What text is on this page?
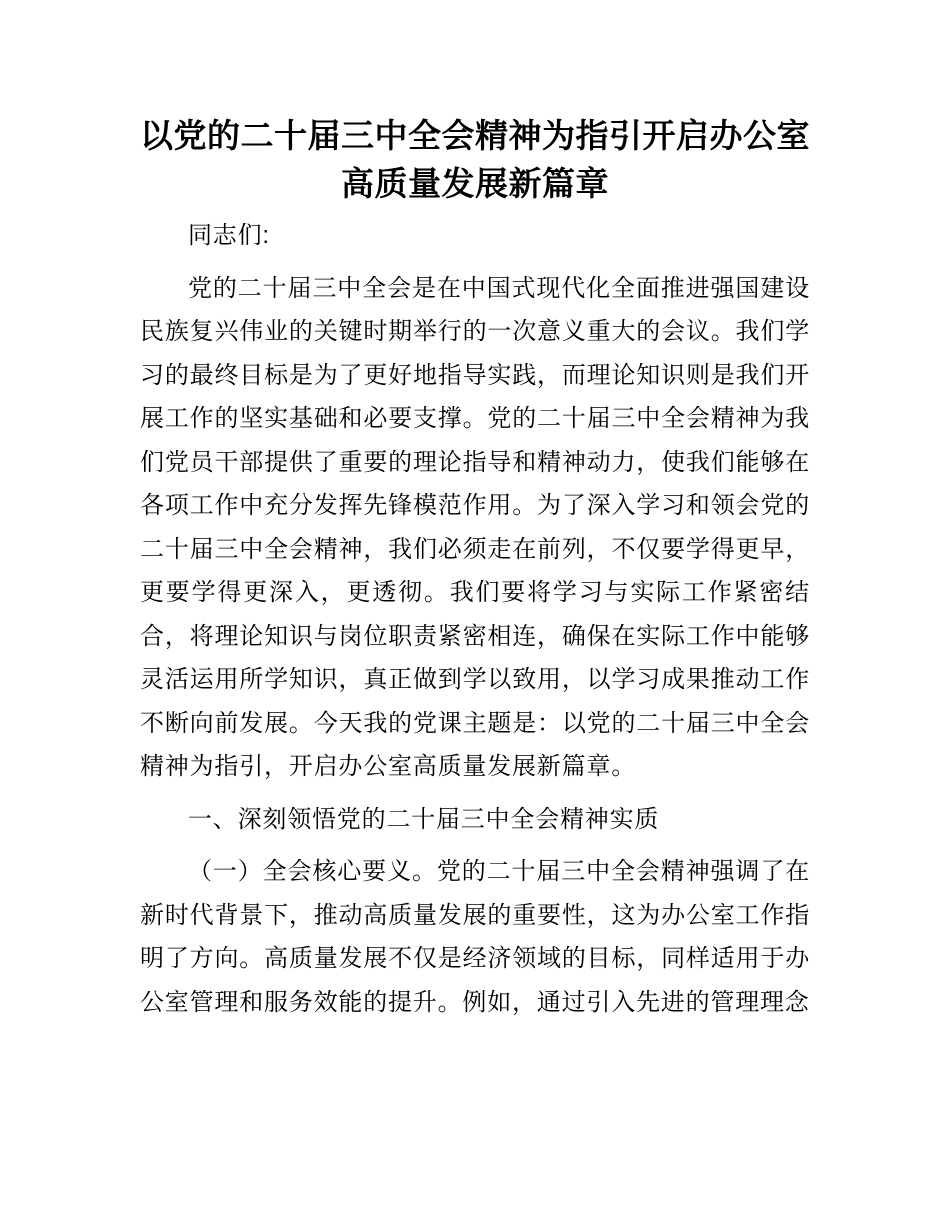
以党的二十届三中全会精神为指引开启办公室高质量发展新篇章

同志们:

党的二十届三中全会是在中国式现代化全面推进强国建设民族复兴伟业的关键时期举行的一次意义重大的会议。我们学习的最终目标是为了更好地指导实践，而理论知识则是我们开展工作的坚实基础和必要支撑。党的二十届三中全会精神为我们党员干部提供了重要的理论指导和精神动力，使我们能够在各项工作中充分发挥先锋模范作用。为了深入学习和领会党的二十届三中全会精神，我们必须走在前列，不仅要学得更早，更要学得更深入，更透彻。我们要将学习与实际工作紧密结合，将理论知识与岗位职责紧密相连，确保在实际工作中能够灵活运用所学知识，真正做到学以致用，以学习成果推动工作不断向前发展。今天我的党课主题是：以党的二十届三中全会精神为指引，开启办公室高质量发展新篇章。

一、深刻领悟党的二十届三中全会精神实质

（一）全会核心要义。党的二十届三中全会精神强调了在新时代背景下，推动高质量发展的重要性，这为办公室工作指明了方向。高质量发展不仅是经济领域的目标，同样适用于办公室管理和服务效能的提升。例如，通过引入先进的管理理念
